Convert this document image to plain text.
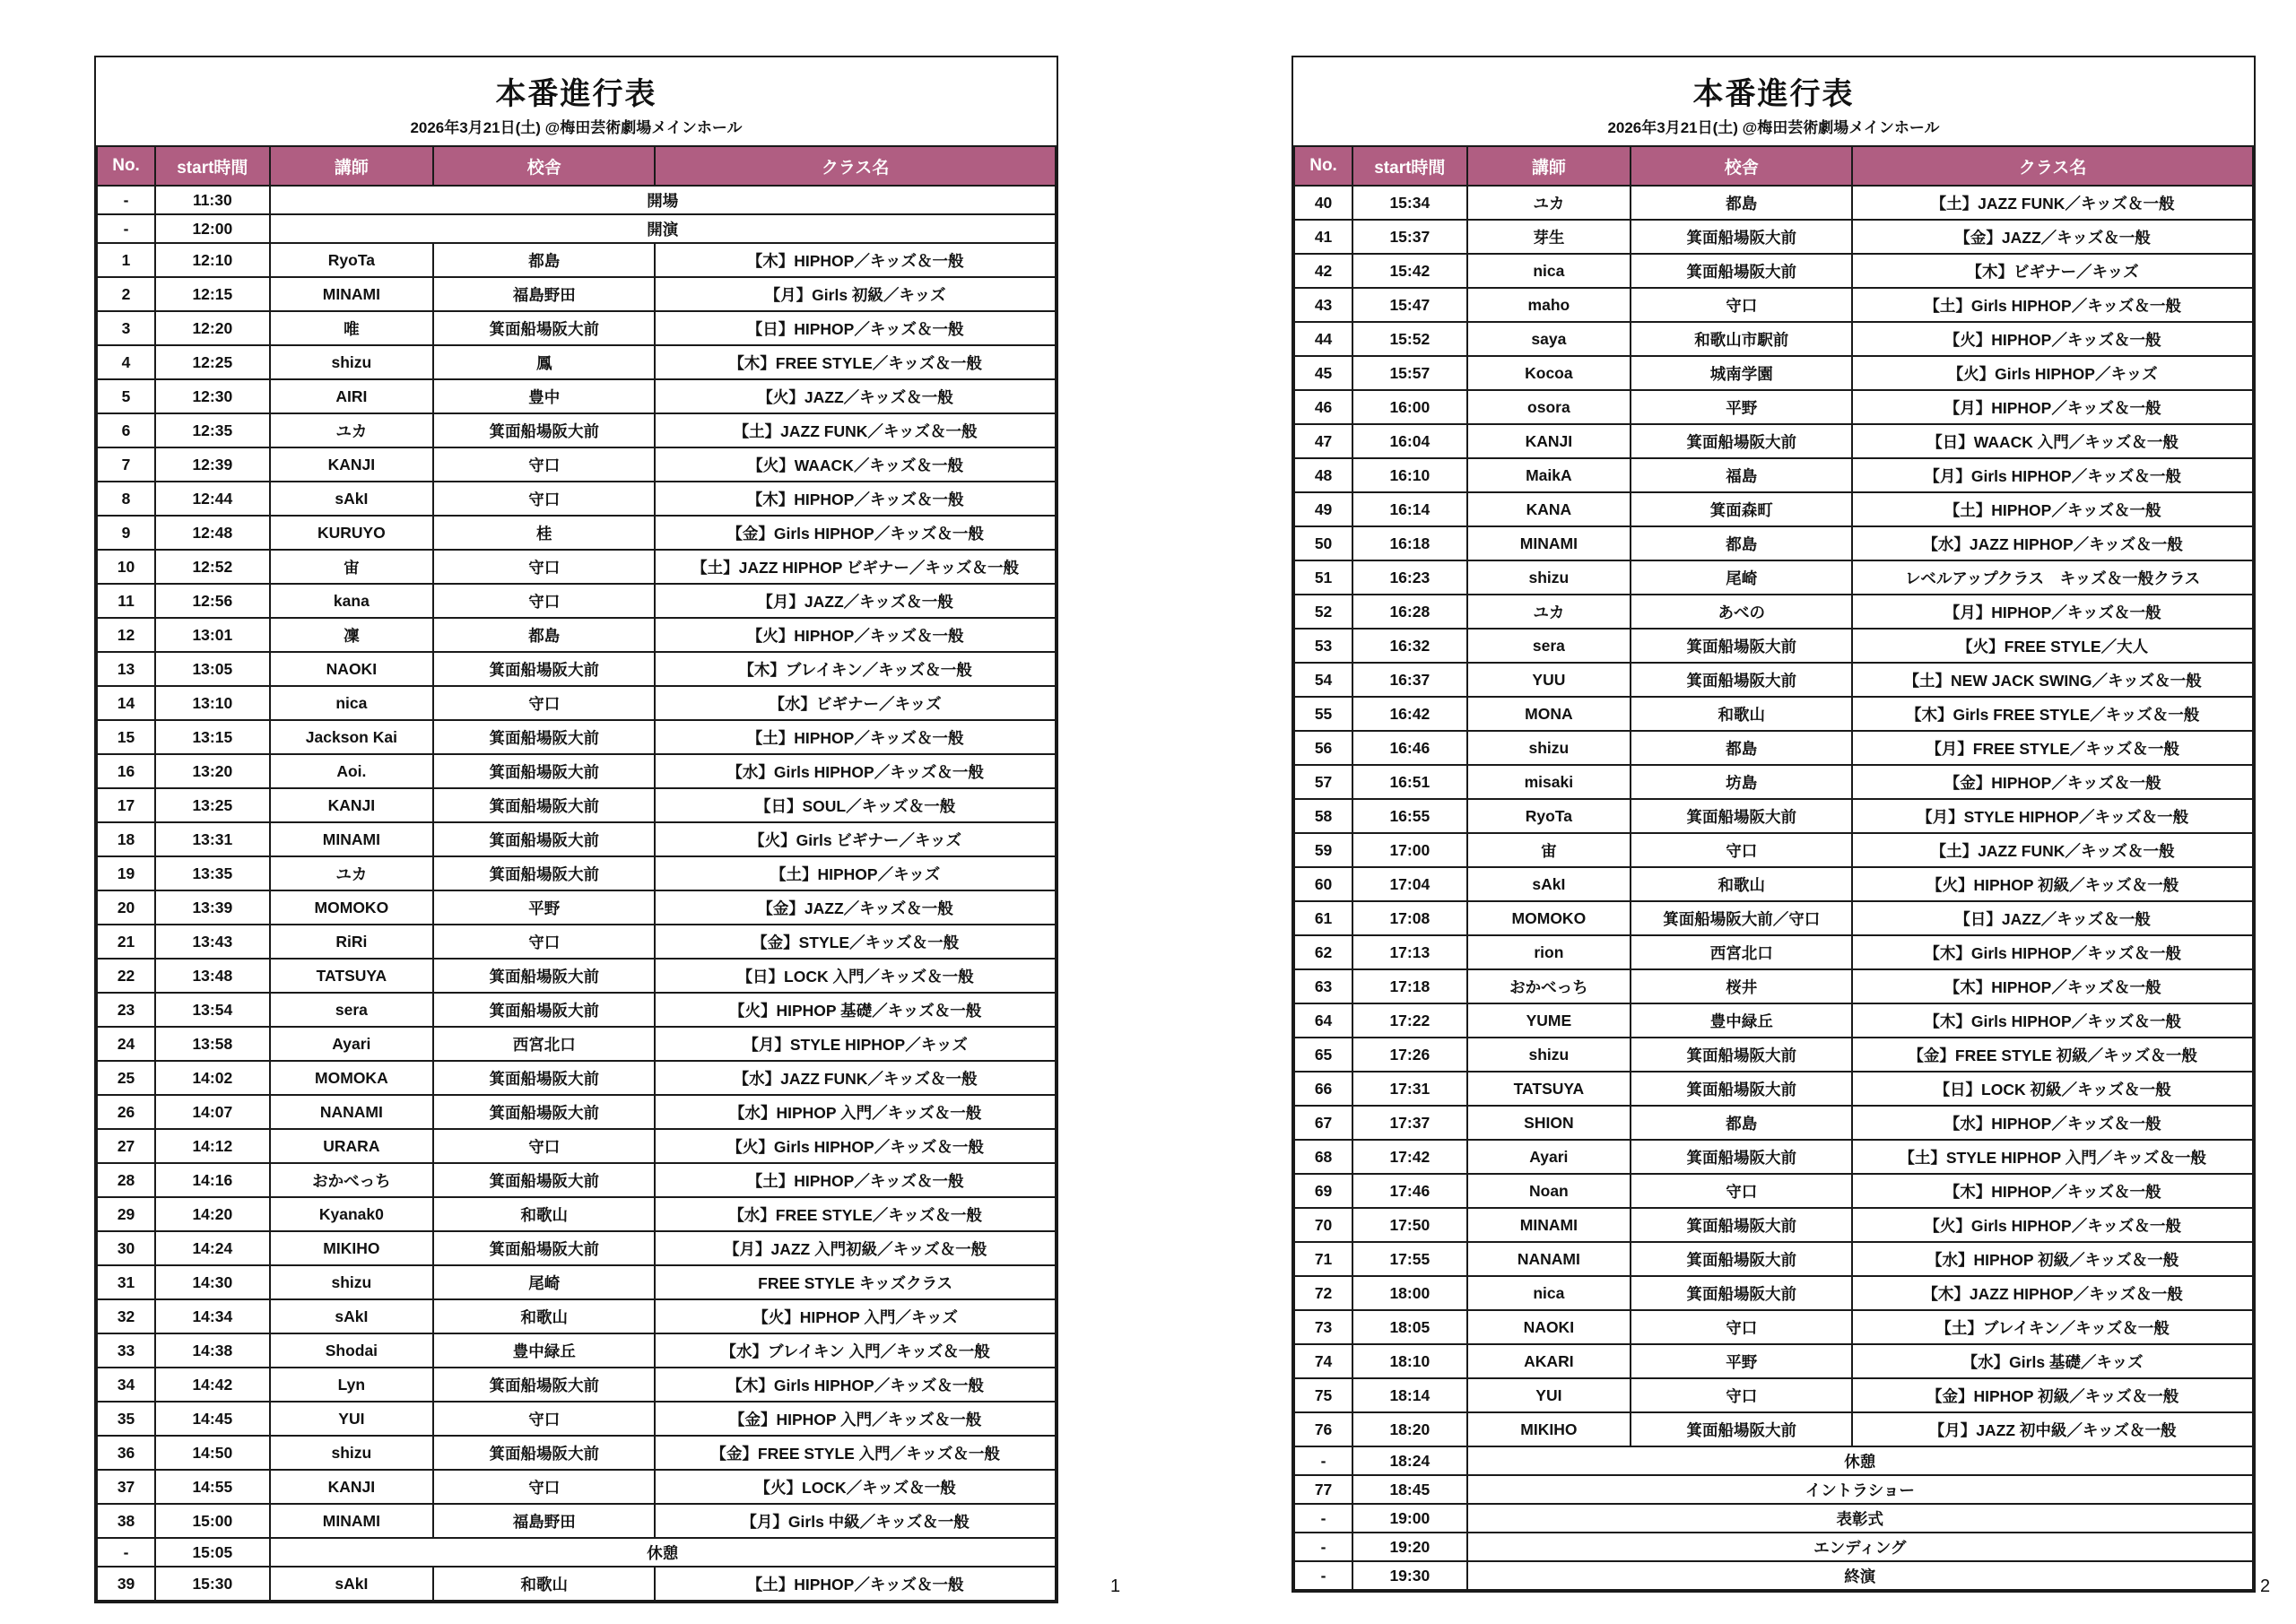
本番進行表
2026年3月21日(土) @梅田芸術劇場メインホール
No.	start時間	講師	校舎	クラス名
-	11:30	開場		
-	12:00	開演		
1	12:10	RyoTa	都島	【木】HIPHOP／キッズ＆一般
2	12:15	MINAMI	福島野田	【月】Girls 初級／キッズ
3	12:20	唯	箕面船場阪大前	【日】HIPHOP／キッズ＆一般
4	12:25	shizu	鳳	【木】FREE STYLE／キッズ＆一般
5	12:30	AIRI	豊中	【火】JAZZ／キッズ＆一般
6	12:35	ユカ	箕面船場阪大前	【土】JAZZ FUNK／キッズ＆一般
7	12:39	KANJI	守口	【火】WAACK／キッズ＆一般
8	12:44	sAkI	守口	【木】HIPHOP／キッズ＆一般
9	12:48	KURUYO	桂	【金】Girls HIPHOP／キッズ＆一般
10	12:52	宙	守口	【土】JAZZ HIPHOP ビギナー／キッズ＆一般
11	12:56	kana	守口	【月】JAZZ／キッズ＆一般
12	13:01	凜	都島	【火】HIPHOP／キッズ＆一般
13	13:05	NAOKI	箕面船場阪大前	【木】ブレイキン／キッズ＆一般
14	13:10	nica	守口	【水】ビギナー／キッズ
15	13:15	Jackson Kai	箕面船場阪大前	【土】HIPHOP／キッズ＆一般
16	13:20	Aoi.	箕面船場阪大前	【水】Girls HIPHOP／キッズ＆一般
17	13:25	KANJI	箕面船場阪大前	【日】SOUL／キッズ＆一般
18	13:31	MINAMI	箕面船場阪大前	【火】Girls ビギナー／キッズ
19	13:35	ユカ	箕面船場阪大前	【土】HIPHOP／キッズ
20	13:39	MOMOKO	平野	【金】JAZZ／キッズ＆一般
21	13:43	RiRi	守口	【金】STYLE／キッズ＆一般
22	13:48	TATSUYA	箕面船場阪大前	【日】LOCK 入門／キッズ＆一般
23	13:54	sera	箕面船場阪大前	【火】HIPHOP 基礎／キッズ＆一般
24	13:58	Ayari	西宮北口	【月】STYLE HIPHOP／キッズ
25	14:02	MOMOKA	箕面船場阪大前	【水】JAZZ FUNK／キッズ＆一般
26	14:07	NANAMI	箕面船場阪大前	【水】HIPHOP 入門／キッズ＆一般
27	14:12	URARA	守口	【火】Girls HIPHOP／キッズ＆一般
28	14:16	おかべっち	箕面船場阪大前	【土】HIPHOP／キッズ＆一般
29	14:20	Kyanak0	和歌山	【水】FREE STYLE／キッズ＆一般
30	14:24	MIKIHO	箕面船場阪大前	【月】JAZZ 入門初級／キッズ＆一般
31	14:30	shizu	尾崎	FREE STYLE キッズクラス
32	14:34	sAkI	和歌山	【火】HIPHOP 入門／キッズ
33	14:38	Shodai	豊中緑丘	【水】ブレイキン 入門／キッズ＆一般
34	14:42	Lyn	箕面船場阪大前	【木】Girls HIPHOP／キッズ＆一般
35	14:45	YUI	守口	【金】HIPHOP 入門／キッズ＆一般
36	14:50	shizu	箕面船場阪大前	【金】FREE STYLE 入門／キッズ＆一般
37	14:55	KANJI	守口	【火】LOCK／キッズ＆一般
38	15:00	MINAMI	福島野田	【月】Girls 中級／キッズ＆一般
-	15:05	休憩		
39	15:30	sAkI	和歌山	【土】HIPHOP／キッズ＆一般
本番進行表
2026年3月21日(土) @梅田芸術劇場メインホール
No.	start時間	講師	校舎	クラス名
40	15:34	ユカ	都島	【土】JAZZ FUNK／キッズ＆一般
41	15:37	芽生	箕面船場阪大前	【金】JAZZ／キッズ＆一般
42	15:42	nica	箕面船場阪大前	【木】ビギナー／キッズ
43	15:47	maho	守口	【土】Girls HIPHOP／キッズ＆一般
44	15:52	saya	和歌山市駅前	【火】HIPHOP／キッズ＆一般
45	15:57	Kocoa	城南学園	【火】Girls HIPHOP／キッズ
46	16:00	osora	平野	【月】HIPHOP／キッズ＆一般
47	16:04	KANJI	箕面船場阪大前	【日】WAACK 入門／キッズ＆一般
48	16:10	MaikA	福島	【月】Girls HIPHOP／キッズ＆一般
49	16:14	KANA	箕面森町	【土】HIPHOP／キッズ＆一般
50	16:18	MINAMI	都島	【水】JAZZ HIPHOP／キッズ＆一般
51	16:23	shizu	尾崎	レベルアップクラス　キッズ＆一般クラス
52	16:28	ユカ	あべの	【月】HIPHOP／キッズ＆一般
53	16:32	sera	箕面船場阪大前	【火】FREE STYLE／大人
54	16:37	YUU	箕面船場阪大前	【土】NEW JACK SWING／キッズ＆一般
55	16:42	MONA	和歌山	【木】Girls FREE STYLE／キッズ＆一般
56	16:46	shizu	都島	【月】FREE STYLE／キッズ＆一般
57	16:51	misaki	坊島	【金】HIPHOP／キッズ＆一般
58	16:55	RyoTa	箕面船場阪大前	【月】STYLE HIPHOP／キッズ＆一般
59	17:00	宙	守口	【土】JAZZ FUNK／キッズ＆一般
60	17:04	sAkI	和歌山	【火】HIPHOP 初級／キッズ＆一般
61	17:08	MOMOKO	箕面船場阪大前／守口	【日】JAZZ／キッズ＆一般
62	17:13	rion	西宮北口	【木】Girls HIPHOP／キッズ＆一般
63	17:18	おかべっち	桜井	【木】HIPHOP／キッズ＆一般
64	17:22	YUME	豊中緑丘	【木】Girls HIPHOP／キッズ＆一般
65	17:26	shizu	箕面船場阪大前	【金】FREE STYLE 初級／キッズ＆一般
66	17:31	TATSUYA	箕面船場阪大前	【日】LOCK 初級／キッズ＆一般
67	17:37	SHION	都島	【水】HIPHOP／キッズ＆一般
68	17:42	Ayari	箕面船場阪大前	【土】STYLE HIPHOP 入門／キッズ＆一般
69	17:46	Noan	守口	【木】HIPHOP／キッズ＆一般
70	17:50	MINAMI	箕面船場阪大前	【火】Girls HIPHOP／キッズ＆一般
71	17:55	NANAMI	箕面船場阪大前	【水】HIPHOP 初級／キッズ＆一般
72	18:00	nica	箕面船場阪大前	【木】JAZZ HIPHOP／キッズ＆一般
73	18:05	NAOKI	守口	【土】ブレイキン／キッズ＆一般
74	18:10	AKARI	平野	【水】Girls 基礎／キッズ
75	18:14	YUI	守口	【金】HIPHOP 初級／キッズ＆一般
76	18:20	MIKIHO	箕面船場阪大前	【月】JAZZ 初中級／キッズ＆一般
-	18:24	休憩		
77	18:45	イントラショー		
-	19:00	表彰式		
-	19:20	エンディング		
-	19:30	終演		
1	2
